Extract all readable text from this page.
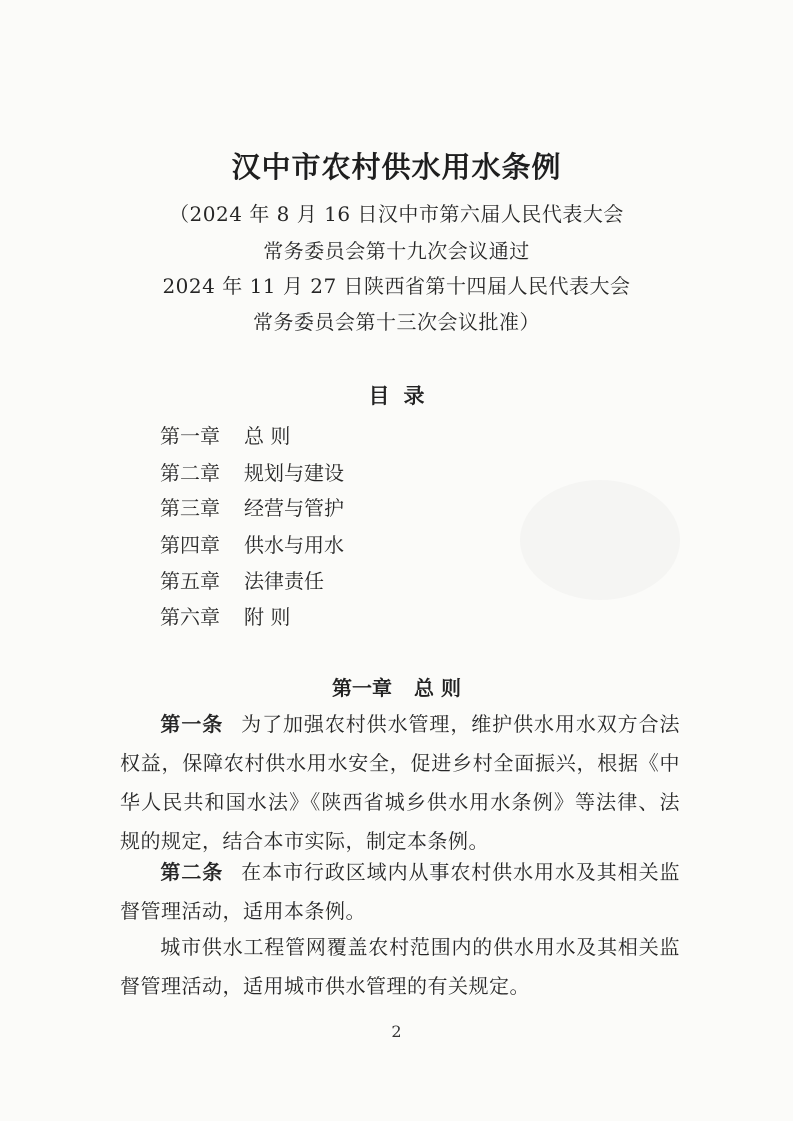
汉中市农村供水用水条例
（2024 年 8 月 16 日汉中市第六届人民代表大会
常务委员会第十九次会议通过
2024 年 11 月 27 日陕西省第十四届人民代表大会
常务委员会第十三次会议批准）
目录
第一章 总 则
第二章 规划与建设
第三章 经营与管护
第四章 供水与用水
第五章 法律责任
第六章 附 则
第一章 总 则
第一条 为了加强农村供水管理，维护供水用水双方合法权益，保障农村供水用水安全，促进乡村全面振兴，根据《中华人民共和国水法》《陕西省城乡供水用水条例》等法律、法规的规定，结合本市实际，制定本条例。
第二条 在本市行政区域内从事农村供水用水及其相关监督管理活动，适用本条例。
城市供水工程管网覆盖农村范围内的供水用水及其相关监督管理活动，适用城市供水管理的有关规定。
2
